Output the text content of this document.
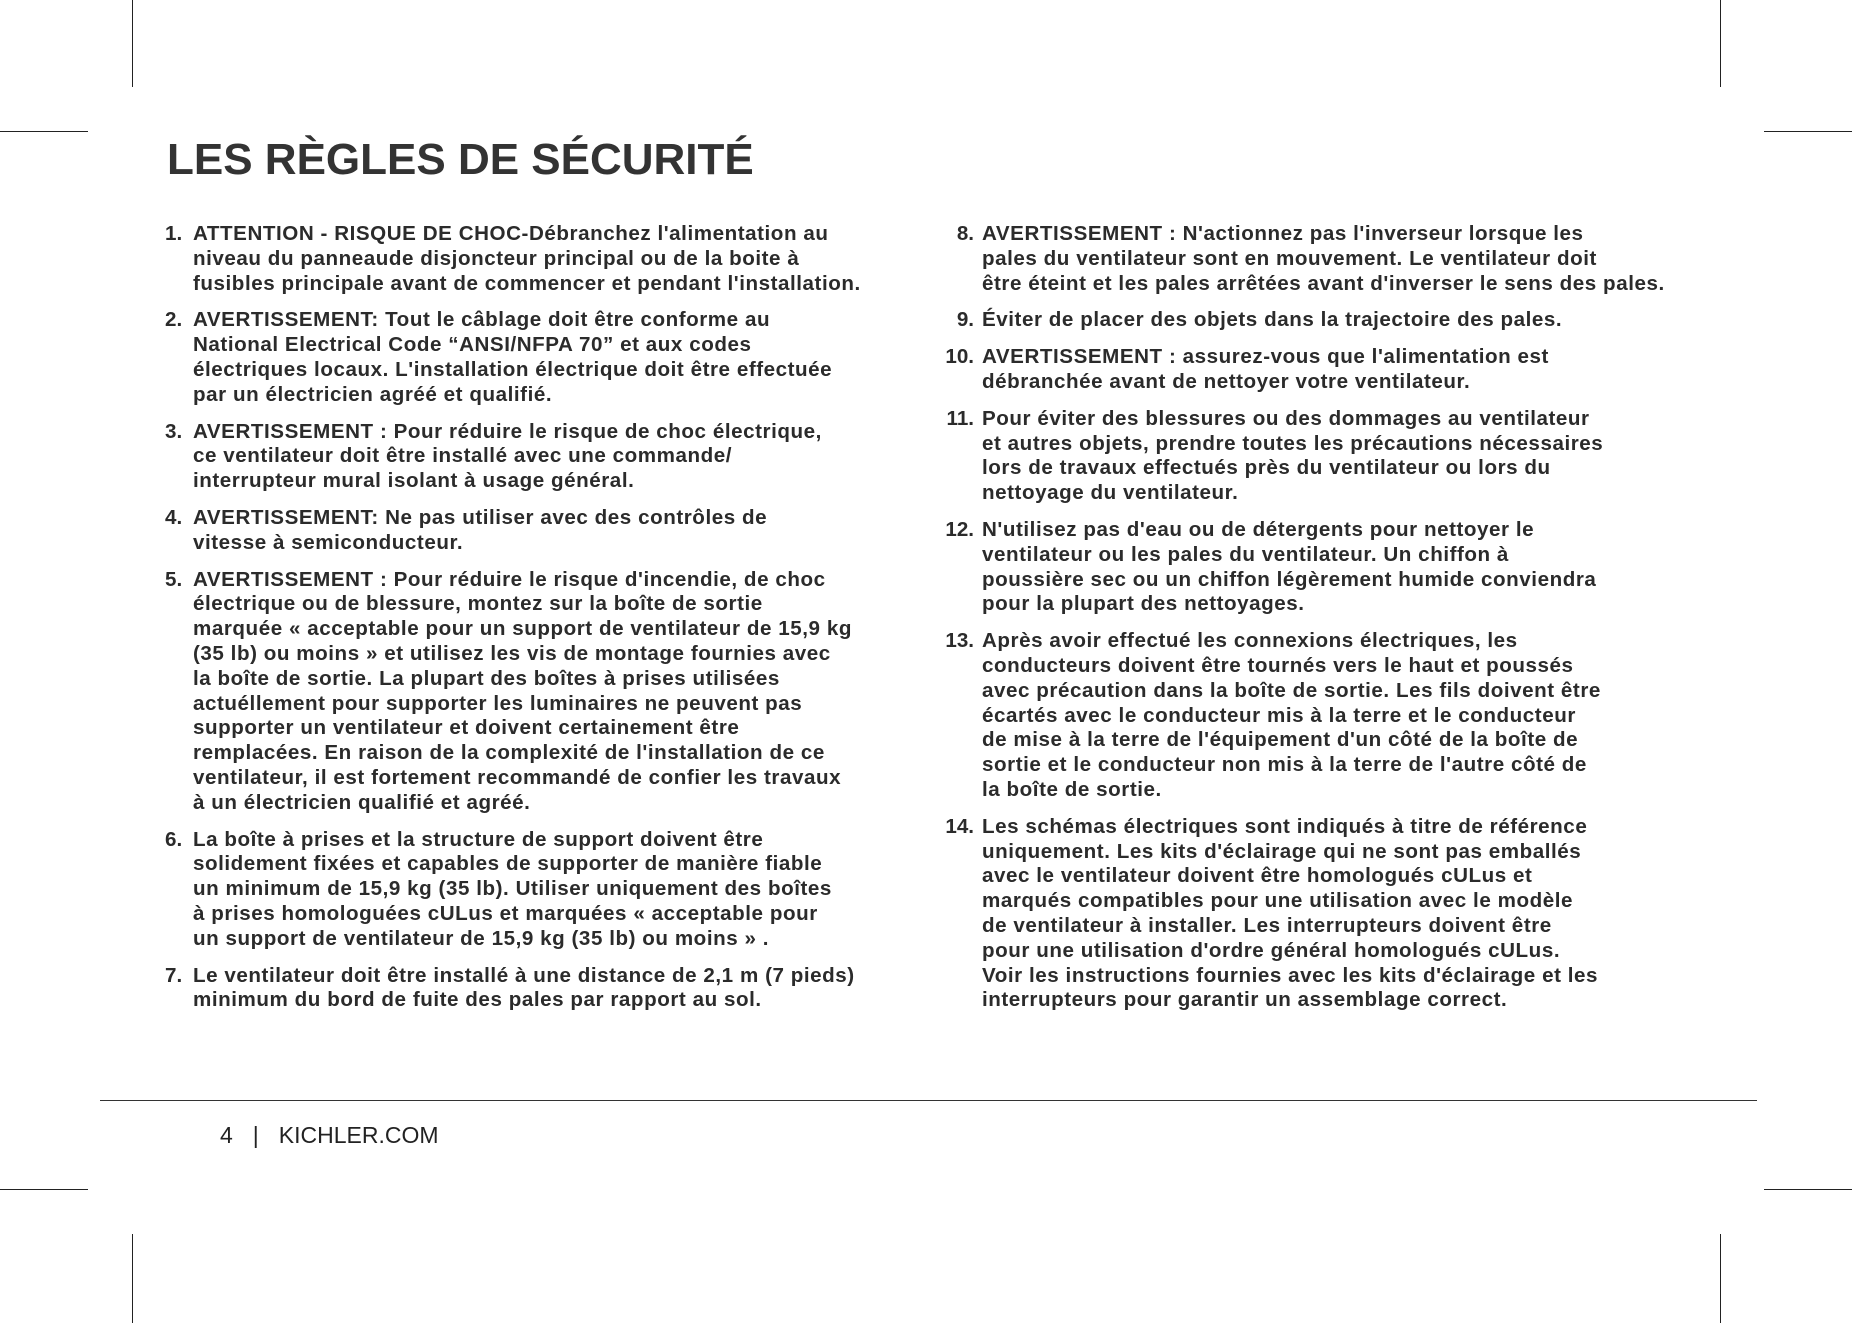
LES RÈGLES DE SÉCURITÉ
1. ATTENTION - RISQUE DE CHOC-Débranchez l'alimentation au
niveau du panneaude disjoncteur principal ou de la boite à
fusibles principale avant de commencer et pendant l'installation.

2. AVERTISSEMENT: Tout le câblage doit être conforme au
National Electrical Code “ANSI/NFPA 70” et aux codes
électriques locaux. L'installation électrique doit être effectuée
par un électricien agréé et qualifié.

3. AVERTISSEMENT : Pour réduire le risque de choc électrique,
ce ventilateur doit être installé avec une commande/
interrupteur mural isolant à usage général.

4. AVERTISSEMENT: Ne pas utiliser avec des contrôles de
vitesse à semiconducteur.

5. AVERTISSEMENT : Pour réduire le risque d'incendie, de choc
électrique ou de blessure, montez sur la boîte de sortie
marquée « acceptable pour un support de ventilateur de 15,9 kg
(35 lb) ou moins » et utilisez les vis de montage fournies avec
la boîte de sortie. La plupart des boîtes à prises utilisées
actuéllement pour supporter les luminaires ne peuvent pas
supporter un ventilateur et doivent certainement être
remplacées. En raison de la complexité de l'installation de ce
ventilateur, il est fortement recommandé de confier les travaux
à un électricien qualifié et agréé.

6. La boîte à prises et la structure de support doivent être
solidement fixées et capables de supporter de manière fiable
un minimum de 15,9 kg (35 lb). Utiliser uniquement des boîtes
à prises homologuées cULus et marquées « acceptable pour
un support de ventilateur de 15,9 kg (35 lb) ou moins » .

7. Le ventilateur doit être installé à une distance de 2,1 m (7 pieds)
minimum du bord de fuite des pales par rapport au sol.

8. AVERTISSEMENT : N'actionnez pas l'inverseur lorsque les
pales du ventilateur sont en mouvement. Le ventilateur doit
être éteint et les pales arrêtées avant d'inverser le sens des pales.

9. Éviter de placer des objets dans la trajectoire des pales.

10. AVERTISSEMENT : assurez-vous que l'alimentation est
débranchée avant de nettoyer votre ventilateur.

11. Pour éviter des blessures ou des dommages au ventilateur
et autres objets, prendre toutes les précautions nécessaires
lors de travaux effectués près du ventilateur ou lors du
nettoyage du ventilateur.

12. N'utilisez pas d'eau ou de détergents pour nettoyer le
ventilateur ou les pales du ventilateur. Un chiffon à
poussière sec ou un chiffon légèrement humide conviendra
pour la plupart des nettoyages.

13. Après avoir effectué les connexions électriques, les
conducteurs doivent être tournés vers le haut et poussés
avec précaution dans la boîte de sortie. Les fils doivent être
écartés avec le conducteur mis à la terre et le conducteur
de mise à la terre de l'équipement d'un côté de la boîte de
sortie et le conducteur non mis à la terre de l'autre côté de
la boîte de sortie.

14. Les schémas électriques sont indiqués à titre de référence
uniquement. Les kits d'éclairage qui ne sont pas emballés
avec le ventilateur doivent être homologués cULus et
marqués compatibles pour une utilisation avec le modèle
de ventilateur à installer. Les interrupteurs doivent être
pour une utilisation d'ordre général homologués cULus.
Voir les instructions fournies avec les kits d'éclairage et les
interrupteurs pour garantir un assemblage correct.

4 | KICHLER.COM
